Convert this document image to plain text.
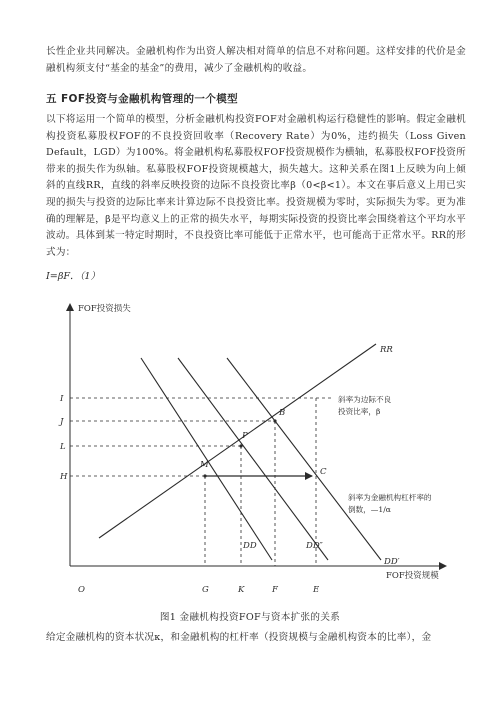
长性企业共同解决。金融机构作为出资人解决相对简单的信息不对称问题。这样安排的代价是金融机构须支付“基金的基金”的费用，减少了金融机构的收益。

五 FOF投资与金融机构管理的一个模型

以下将运用一个简单的模型，分析金融机构投资FOF对金融机构运行稳健性的影响。假定金融机构投资私募股权FOF的不良投资回收率（Recovery Rate）为0%，违约损失（Loss Given Default，LGD）为100%。将金融机构私募股权FOF投资规模作为横轴，私募股权FOF投资所带来的损失作为纵轴。私募股权FOF投资规模越大，损失越大。这种关系在图1上反映为向上倾斜的直线RR，直线的斜率反映投资的边际不良投资比率β（0<β<1）。本文在事后意义上用已实现的损失与投资的边际比率来计算边际不良投资比率。投资规模为零时，实际损失为零。更为准确的理解是，β是平均意义上的正常的损失水平，每期实际投资的投资比率会围绕着这个平均水平波动。具体到某一特定时期时，不良投资比率可能低于正常水平，也可能高于正常水平。RR的形式为：

I=βF．（1）
FOF投资损失
FOF投资规模
O
RR
DD	DD″
DD′
I
J
L
H
G	K	F	E
B
P
M
C
斜率为边际不良
投资比率，β
斜率为金融机构杠杆率的
倒数，—1/α
图1 金融机构投资FOF与资本扩张的关系

给定金融机构的资本状况κ，和金融机构的杠杆率（投资规模与金融机构资本的比率），金
